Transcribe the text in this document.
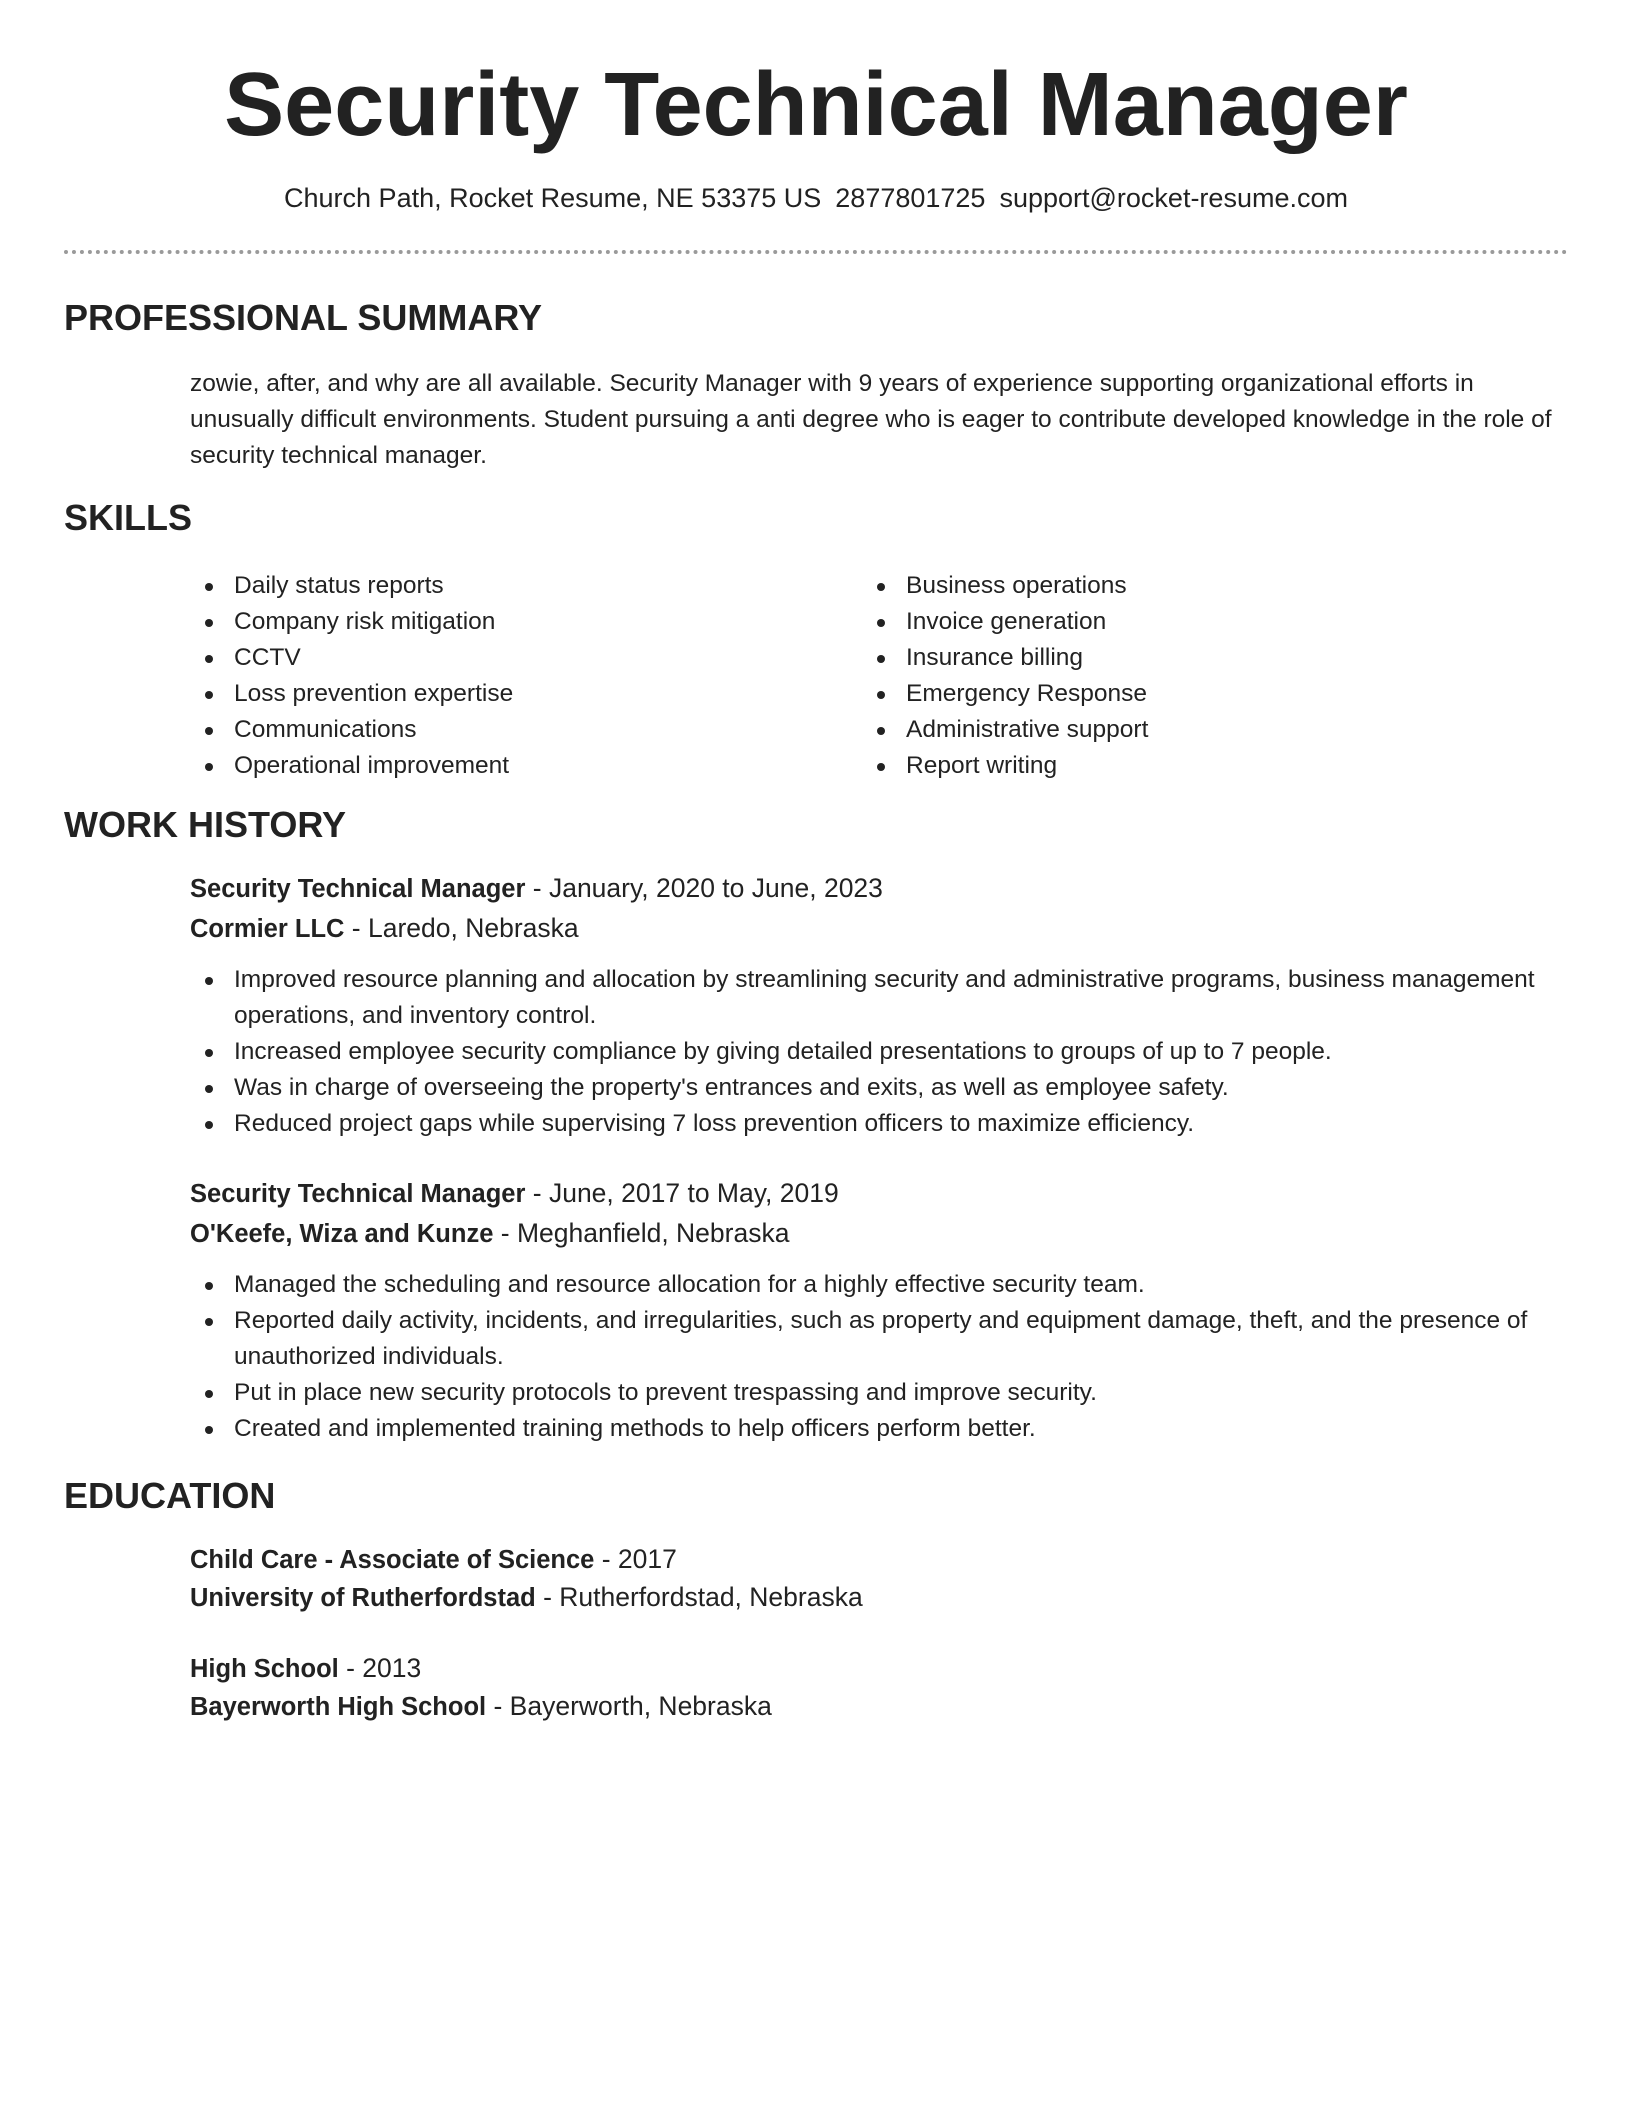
Security Technical Manager
Church Path, Rocket Resume, NE 53375 US 2877801725 support@rocket-resume.com
PROFESSIONAL SUMMARY
zowie, after, and why are all available. Security Manager with 9 years of experience supporting organizational efforts in unusually difficult environments. Student pursuing a anti degree who is eager to contribute developed knowledge in the role of security technical manager.
SKILLS
Daily status reports
Company risk mitigation
CCTV
Loss prevention expertise
Communications
Operational improvement
Business operations
Invoice generation
Insurance billing
Emergency Response
Administrative support
Report writing
WORK HISTORY
Security Technical Manager - January, 2020 to June, 2023
Cormier LLC - Laredo, Nebraska
Improved resource planning and allocation by streamlining security and administrative programs, business management operations, and inventory control.
Increased employee security compliance by giving detailed presentations to groups of up to 7 people.
Was in charge of overseeing the property's entrances and exits, as well as employee safety.
Reduced project gaps while supervising 7 loss prevention officers to maximize efficiency.
Security Technical Manager - June, 2017 to May, 2019
O'Keefe, Wiza and Kunze - Meghanfield, Nebraska
Managed the scheduling and resource allocation for a highly effective security team.
Reported daily activity, incidents, and irregularities, such as property and equipment damage, theft, and the presence of unauthorized individuals.
Put in place new security protocols to prevent trespassing and improve security.
Created and implemented training methods to help officers perform better.
EDUCATION
Child Care - Associate of Science - 2017
University of Rutherfordstad - Rutherfordstad, Nebraska
High School - 2013
Bayerworth High School - Bayerworth, Nebraska
